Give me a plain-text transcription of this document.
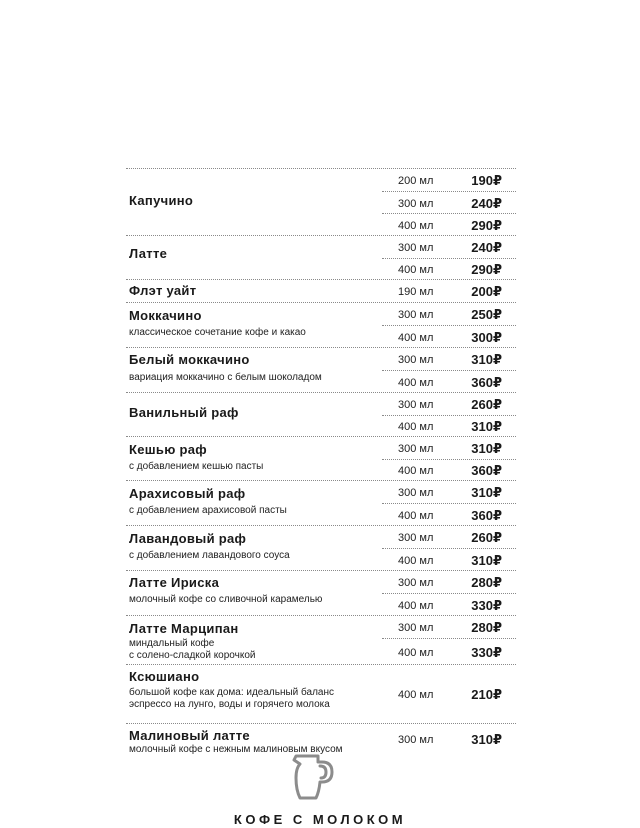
Капучино
200 мл	190₽
300 мл	240₽
400 мл	290₽
Латте	300 мл	240₽
400 мл	290₽
Флэт уайт	190 мл	200₽
Моккачино
классическое сочетание кофе и какао
300 мл	250₽
400 мл	300₽
Белый моккачино
вариация моккачино с белым шоколадом
300 мл	310₽
400 мл	360₽
Ванильный раф	300 мл	260₽
400 мл	310₽
Кешью раф
с добавлением кешью пасты
300 мл	310₽
400 мл	360₽
Арахисовый раф
с добавлением арахисовой пасты
300 мл	310₽
400 мл	360₽
Лавандовый раф
с добавлением лавандового соуса
300 мл	260₽
400 мл	310₽
Латте Ириска
молочный кофе со сливочной карамелью
300 мл	280₽
400 мл	330₽
Латте Марципан
миндальный кофе
с солено-сладкой корочкой
300 мл	280₽
400 мл	330₽
Ксюшиано
большой кофе как дома: идеальный баланс
эспрессо на лунго, воды и горячего молока
400 мл	210₽
Малиновый латте
молочный кофе с нежным малиновым вкусом
300 мл	310₽
КОФЕ С МОЛОКОМ
